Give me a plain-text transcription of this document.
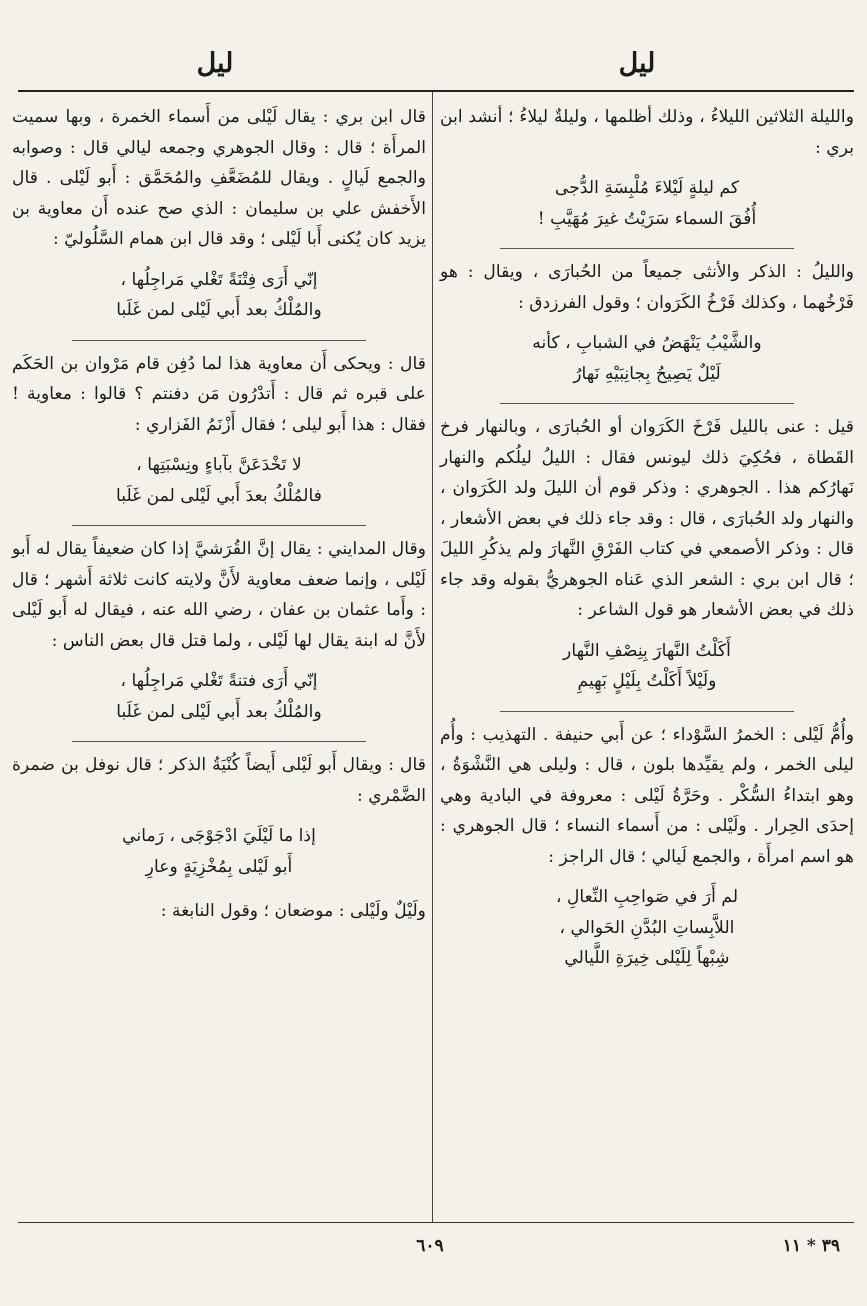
ليل
ليل

والليلة الثلاثين الليلاءُ ، وذلك أظلمها ، وليلةٌ ليلاءُ ؛ أنشد ابن بري :

كم ليلةٍ لَيْلاءَ مُلْبِسَةِ الدُّجى
أُفُقَ السماء سَرَيْتُ غيرَ مُهَيَّبِ !

والليلُ : الذكر والأنثى جميعاً من الحُبارَى ، ويقال : هو فَرْخُهما ، وكذلك فَرْخُ الكَرَوان ؛ وقول الفرزدق :

والشَّيْبُ يَنْهَضُ في الشبابِ ، كأنه
لَيْلٌ يَصِيحُ بِجانِبَيْهِ نَهارُ

قيل : عنى بالليل فَرْخَ الكَرَوان أو الحُبارَى ، وبالنهار فرخ القَطاة ، فحُكِيَ ذلك ليونس فقال : الليلُ ليلُكم والنهار نَهارُكم هذا . الجوهري : وذكر قوم أن الليلَ ولد الكَرَوان ، والنهار ولد الحُبارَى ، قال : وقد جاء ذلك في بعض الأشعار ، قال : وذكر الأصمعي في كتاب الفَرْقِ النَّهارَ ولم يذكُرِ الليلَ ؛ قال ابن بري : الشعر الذي عَناه الجوهريُّ بقوله وقد جاء ذلك في بعض الأشعار هو قول الشاعر :

أَكَلْتُ النَّهارَ بِنِصْفِ النَّهار
ولَيْلاً أَكَلْتُ بِلَيْلٍ بَهِيمِ

وأُمُّ لَيْلى : الخمرُ السَّوْداء ؛ عن أَبي حنيفة . التهذيب : وأُم ليلى الخمر ، ولم يقيِّدها بلون ، قال : وليلى هي النَّشْوَةُ ، وهو ابتداءُ السُّكْر . وحَرَّةُ لَيْلى : معروفة في البادية وهي إحدَى الحِرار . ولَيْلى : من أَسماء النساء ؛ قال الجوهري : هو اسم امرأَة ، والجمع لَيالي ؛ قال الراجز :

لم أَرَ في صَواحِبِ النِّعالِ ،
اللاَّبِساتِ البُدَّنِ الحَوالي ،
شِبْهاً لِلَيْلى خِيرَةِ اللَّيالي

قال ابن بري : يقال لَيْلى من أَسماء الخمرة ، وبها سميت المرأَة ؛ قال : وقال الجوهري وجمعه ليالي قال : وصوابه والجمع لَيالٍ . ويقال للمُضَعَّفِ والمُحَمَّق : أَبو لَيْلى . قال الأَخفش علي بن سليمان : الذي صح عنده أَن معاوية بن يزيد كان يُكنى أَبا لَيْلى ؛ وقد قال ابن همام السَّلُوليّ :

إنّي أَرَى فِتْنَةً تَغْلي مَراجِلُها ،
والمُلْكُ بعد أَبي لَيْلى لمن غَلَبا

قال : ويحكى أَن معاوية هذا لما دُفِن قام مَرْوان بن الحَكَم على قبره ثم قال : أَتدْرُون مَن دفنتم ؟ قالوا : معاوية ! فقال : هذا أَبو ليلى ؛ فقال أَزْنَمُ الفَزاري :

لا تَخْدَعَنَّ بآباءٍ ونِسْبَتِها ،
فالمُلْكُ بعدَ أَبي لَيْلى لمن غَلَبا

وقال المدايني : يقال إنَّ القُرَشيَّ إذا كان ضعيفاً يقال له أَبو لَيْلى ، وإنما ضعف معاوية لأَنَّ ولايته كانت ثلاثة أَشهر ؛ قال : وأَما عثمان بن عفان ، رضي الله عنه ، فيقال له أَبو لَيْلى لأَنَّ له ابنة يقال لها لَيْلى ، ولما قتل قال بعض الناس :

إنّي أَرَى فتنةً تَغْلي مَراجِلُها ،
والمُلْكُ بعد أَبي لَيْلى لمن غَلَبا

قال : ويقال أَبو لَيْلى أَيضاً كُنْيَةُ الذكر ؛ قال نوفل بن ضمرة الضَّمْري :

إذا ما لَيْلَيَ ادْجَوْجَى ، رَماني
أَبو لَيْلى بِمُخْزِيَةٍ وعارِ

ولَيْلٌ ولَيْلى : موضعان ؛ وقول النابغة :

٦٠٩	٣٩ * ١١
